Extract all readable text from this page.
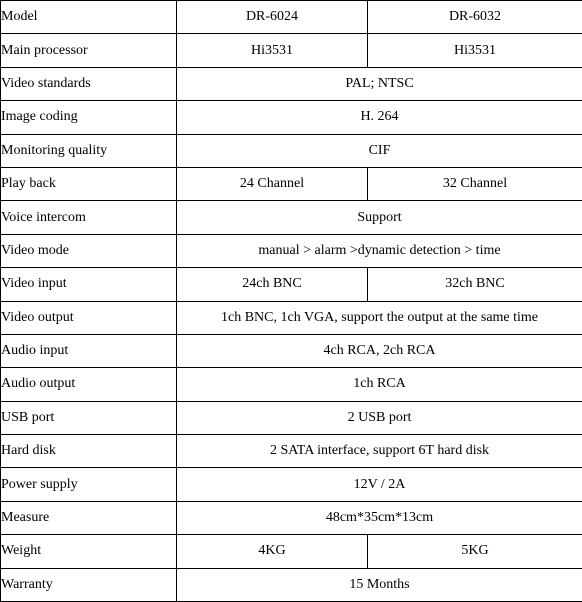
Model	DR-6024	DR-6032
Main processor	Hi3531	Hi3531
Video standards	PAL; NTSC	
Image coding	H. 264	
Monitoring quality	CIF	
Play back	24 Channel	32 Channel
Voice intercom	Support	
Video mode	manual > alarm >dynamic detection > time	
Video input	24ch BNC	32ch BNC
Video output	1ch BNC, 1ch VGA, support the output at the same time	
Audio input	4ch RCA, 2ch RCA	
Audio output	1ch RCA	
USB port	2 USB port	
Hard disk	2 SATA interface, support 6T hard disk	
Power supply	12V / 2A	
Measure	48cm*35cm*13cm	
Weight	4KG	5KG
Warranty	15 Months	
